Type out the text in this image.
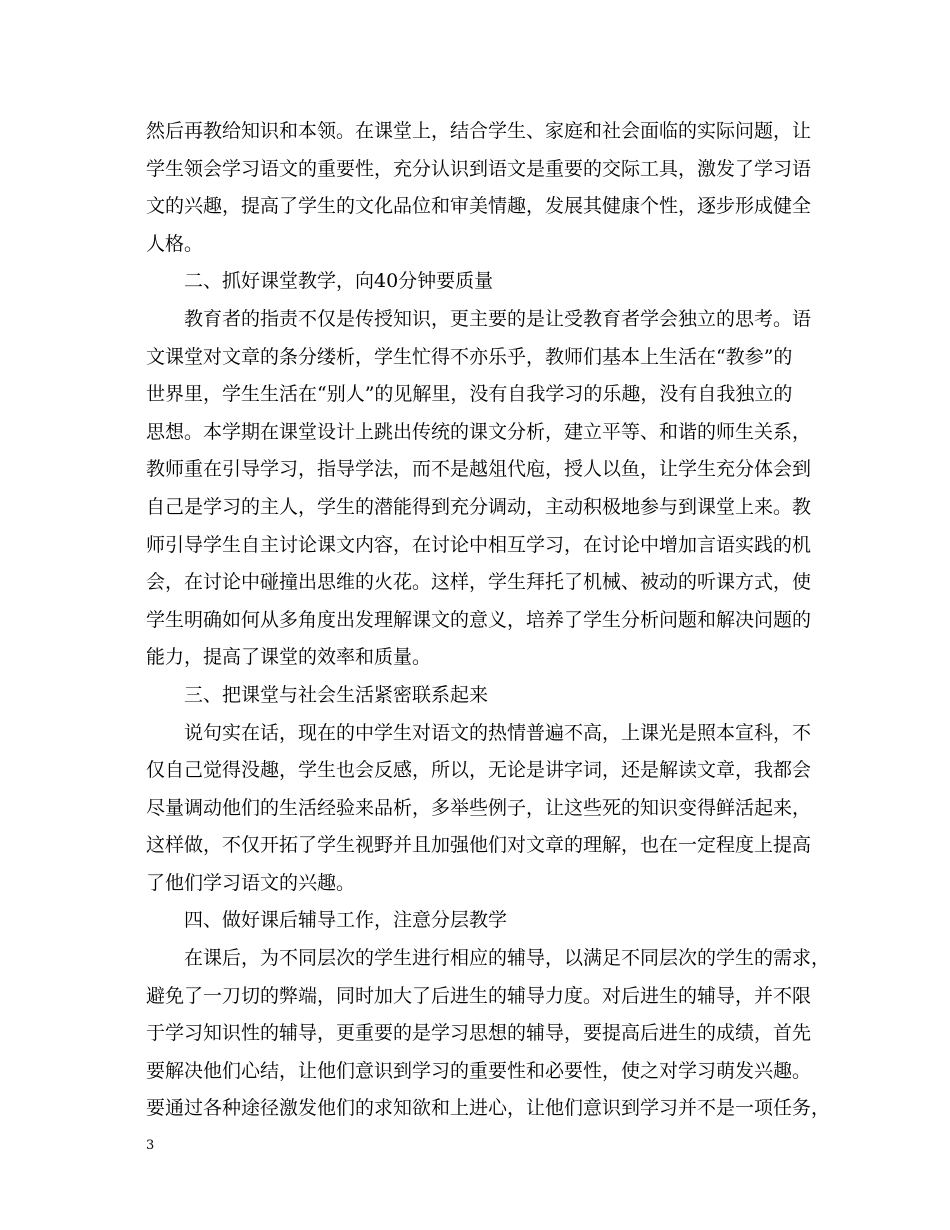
然后再教给知识和本领。在课堂上，结合学生、家庭和社会面临的实际问题，让
学生领会学习语文的重要性，充分认识到语文是重要的交际工具，激发了学习语
文的兴趣，提高了学生的文化品位和审美情趣，发展其健康个性，逐步形成健全
人格。
二、抓好课堂教学，向40分钟要质量
教育者的指责不仅是传授知识，更主要的是让受教育者学会独立的思考。语
文课堂对文章的条分缕析，学生忙得不亦乐乎，教师们基本上生活在“教参”的
世界里，学生生活在“别人”的见解里，没有自我学习的乐趣，没有自我独立的
思想。本学期在课堂设计上跳出传统的课文分析，建立平等、和谐的师生关系，
教师重在引导学习，指导学法，而不是越俎代庖，授人以鱼，让学生充分体会到
自己是学习的主人，学生的潜能得到充分调动，主动积极地参与到课堂上来。教
师引导学生自主讨论课文内容，在讨论中相互学习，在讨论中增加言语实践的机
会，在讨论中碰撞出思维的火花。这样，学生拜托了机械、被动的听课方式，使
学生明确如何从多角度出发理解课文的意义，培养了学生分析问题和解决问题的
能力，提高了课堂的效率和质量。
三、把课堂与社会生活紧密联系起来
说句实在话，现在的中学生对语文的热情普遍不高，上课光是照本宣科，不
仅自己觉得没趣，学生也会反感，所以，无论是讲字词，还是解读文章，我都会
尽量调动他们的生活经验来品析，多举些例子，让这些死的知识变得鲜活起来，
这样做，不仅开拓了学生视野并且加强他们对文章的理解，也在一定程度上提高
了他们学习语文的兴趣。
四、做好课后辅导工作，注意分层教学
在课后，为不同层次的学生进行相应的辅导，以满足不同层次的学生的需求，
避免了一刀切的弊端，同时加大了后进生的辅导力度。对后进生的辅导，并不限
于学习知识性的辅导，更重要的是学习思想的辅导，要提高后进生的成绩，首先
要解决他们心结，让他们意识到学习的重要性和必要性，使之对学习萌发兴趣。
要通过各种途径激发他们的求知欲和上进心，让他们意识到学习并不是一项任务，
3
